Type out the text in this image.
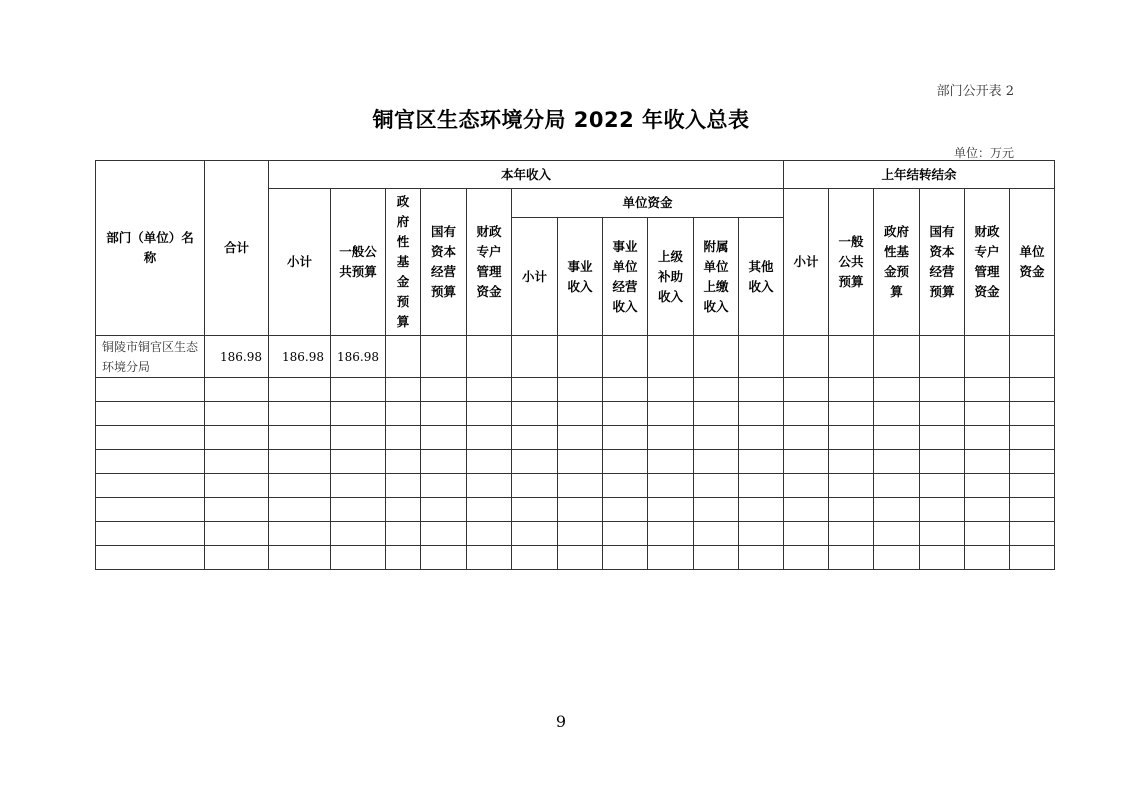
部门公开表 2
铜官区生态环境分局 2022 年收入总表
单位：万元
部门（单位）名称	合计	本年收入											上年结转结余					
		小计	一般公共预算	政府性基金预算	国有资本经营预算	财政专户管理资金	单位资金						小计	一般公共预算	政府性基金预算	国有资本经营预算	财政专户管理资金	单位资金
							小计	事业收入	事业单位经营收入	上级补助收入	附属单位上缴收入	其他收入						
铜陵市铜官区生态环境分局	186.98	186.98	186.98															

9
